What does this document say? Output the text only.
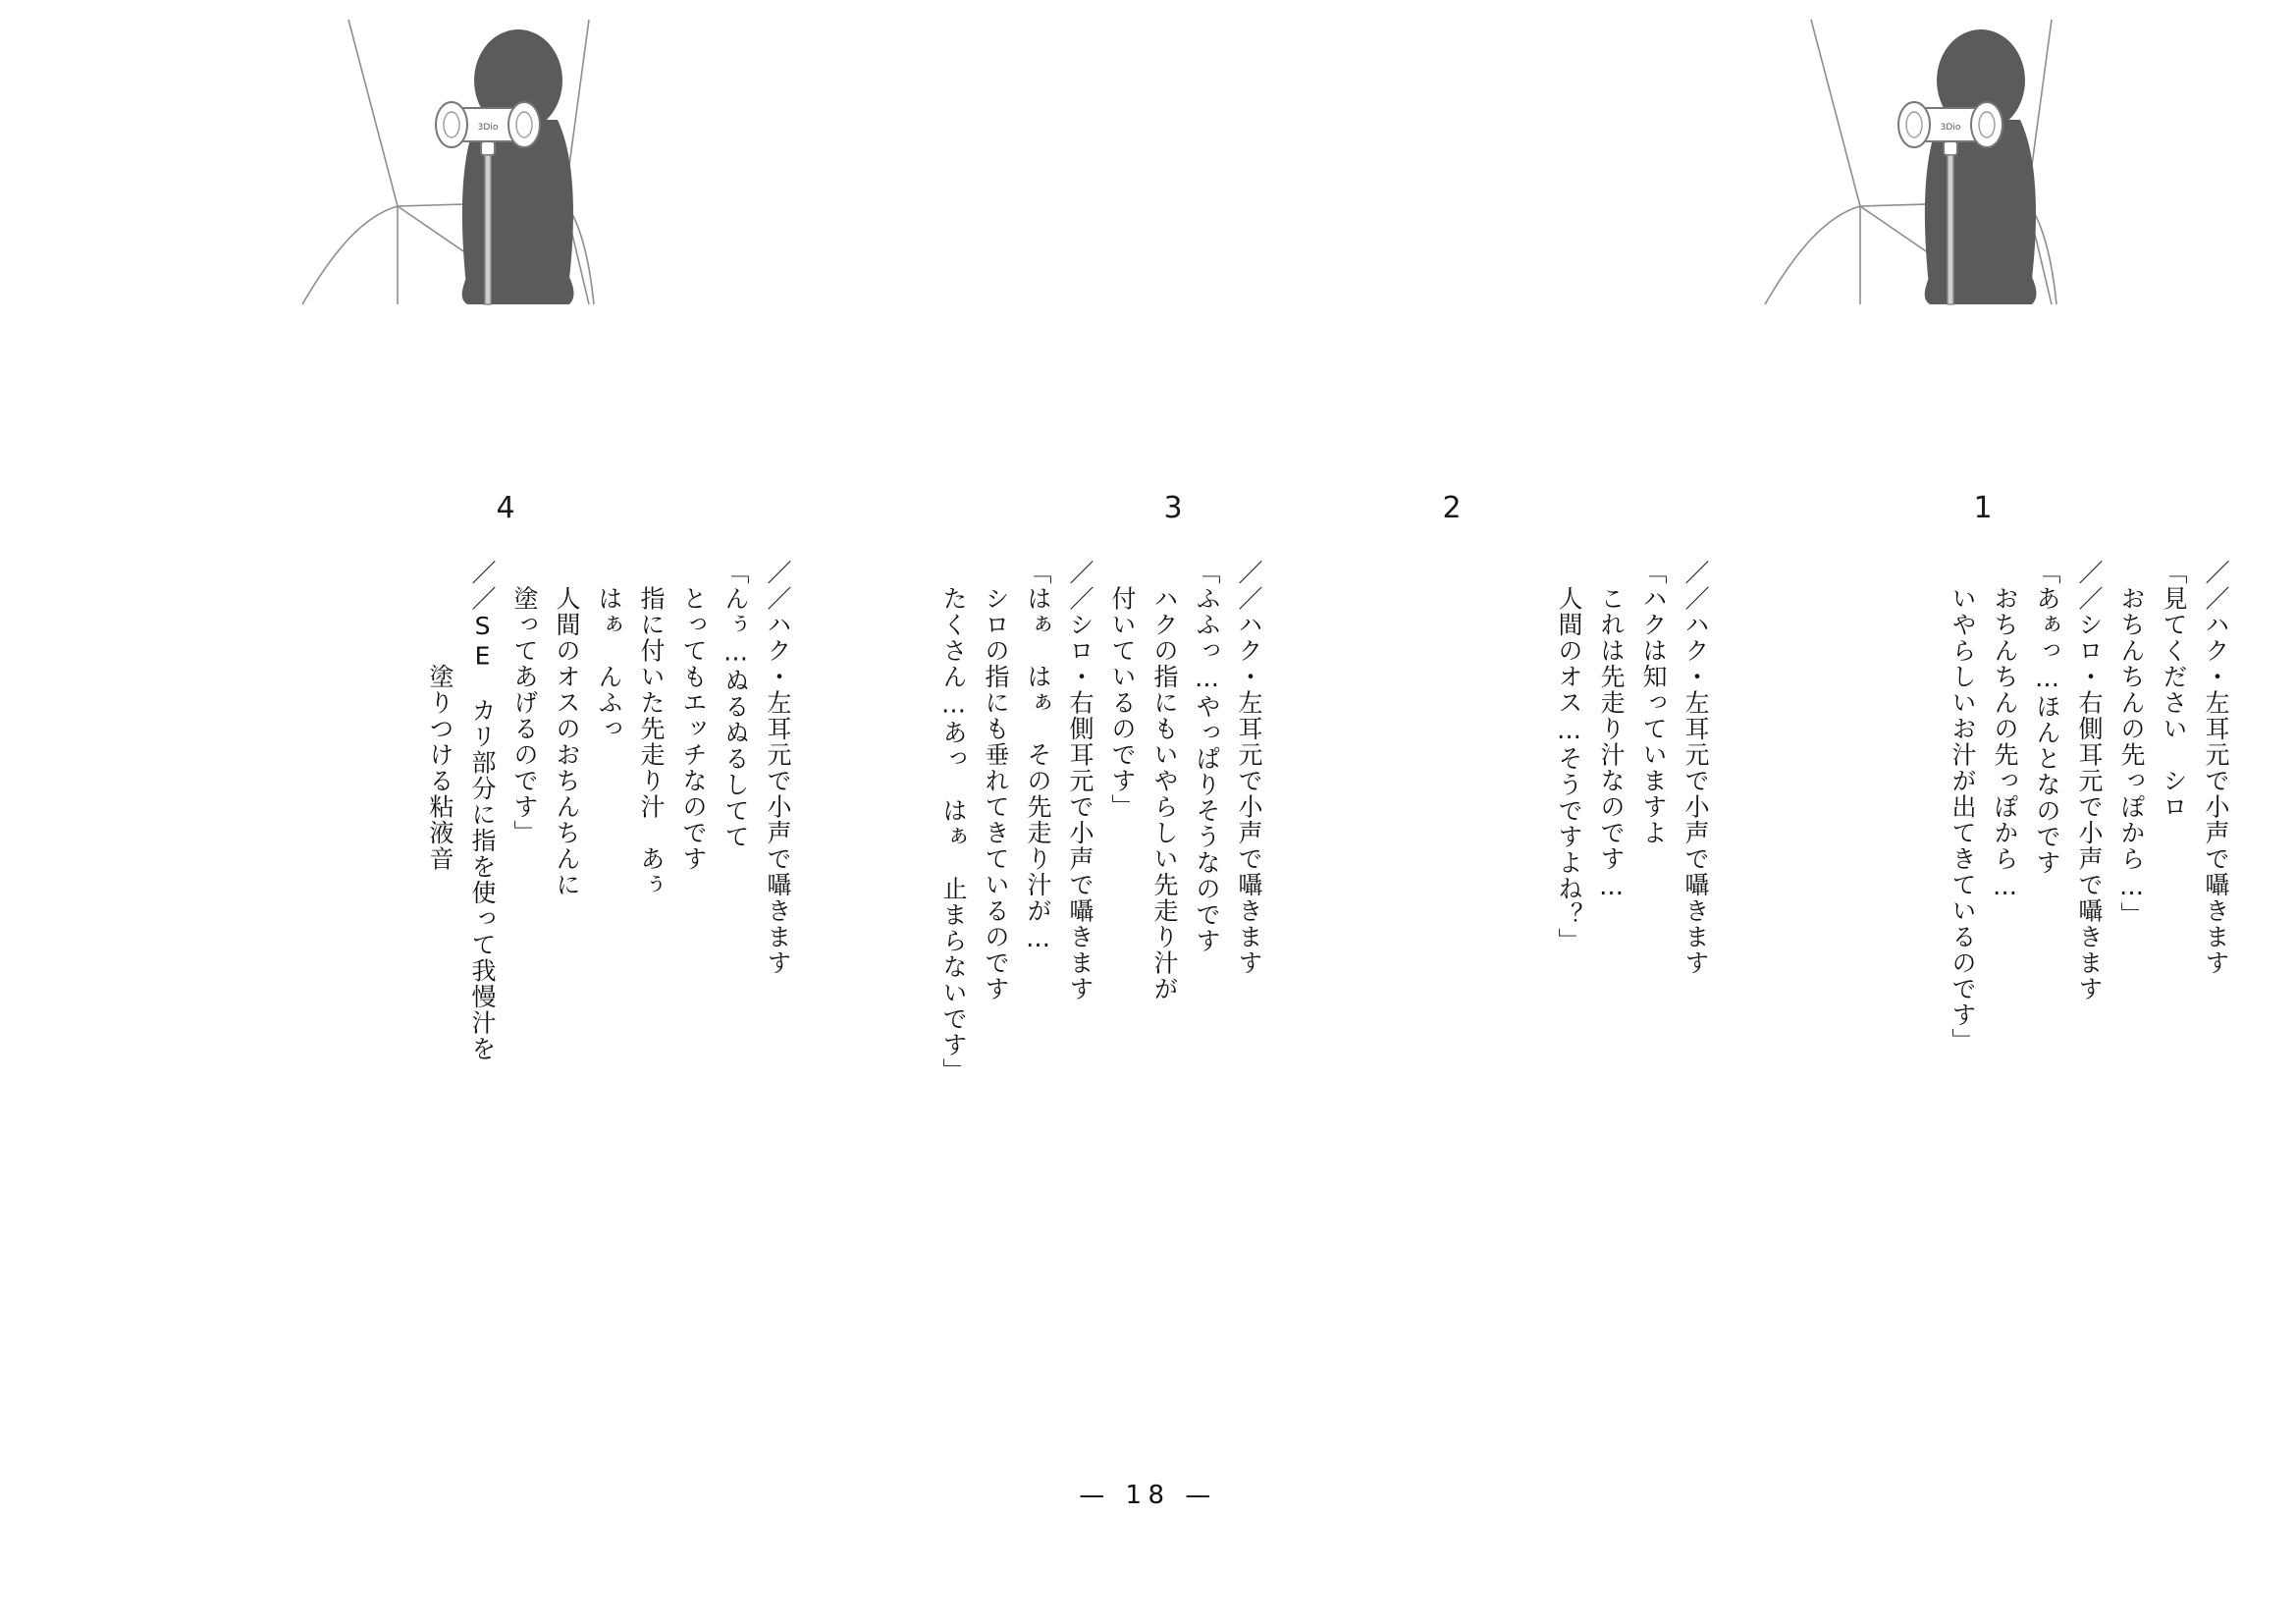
3Dio	3Dio
4	3	2	1
／／ハク・左耳元で小声で囁きます
「見てください　シロ
　おちんちんの先っぽから…」
／／シロ・右側耳元で小声で囁きます
「あぁっ…ほんとなのです
　おちんちんの先っぽから…
　いやらしいお汁が出てきているのです」
／／ハク・左耳元で小声で囁きます
「ハクは知っていますよ
　これは先走り汁なのです…
　人間のオス…そうですよね？」
／／ハク・左耳元で小声で囁きます
「ふふっ…やっぱりそうなのです
　ハクの指にもいやらしい先走り汁が
　付いているのです」
／／シロ・右側耳元で小声で囁きます
「はぁ　はぁ　その先走り汁が…
　シロの指にも垂れてきているのです
　たくさん…あっ　はぁ　止まらないです」
／／ハク・左耳元で小声で囁きます
「んぅ…ぬるぬるしてて
　とってもエッチなのです
　指に付いた先走り汁　あぅ
　はぁ　んふっ
　人間のオスのおちんちんに
　塗ってあげるのです」
／／SE　カリ部分に指を使って我慢汁を
　　　　塗りつける粘液音
— 18 —
